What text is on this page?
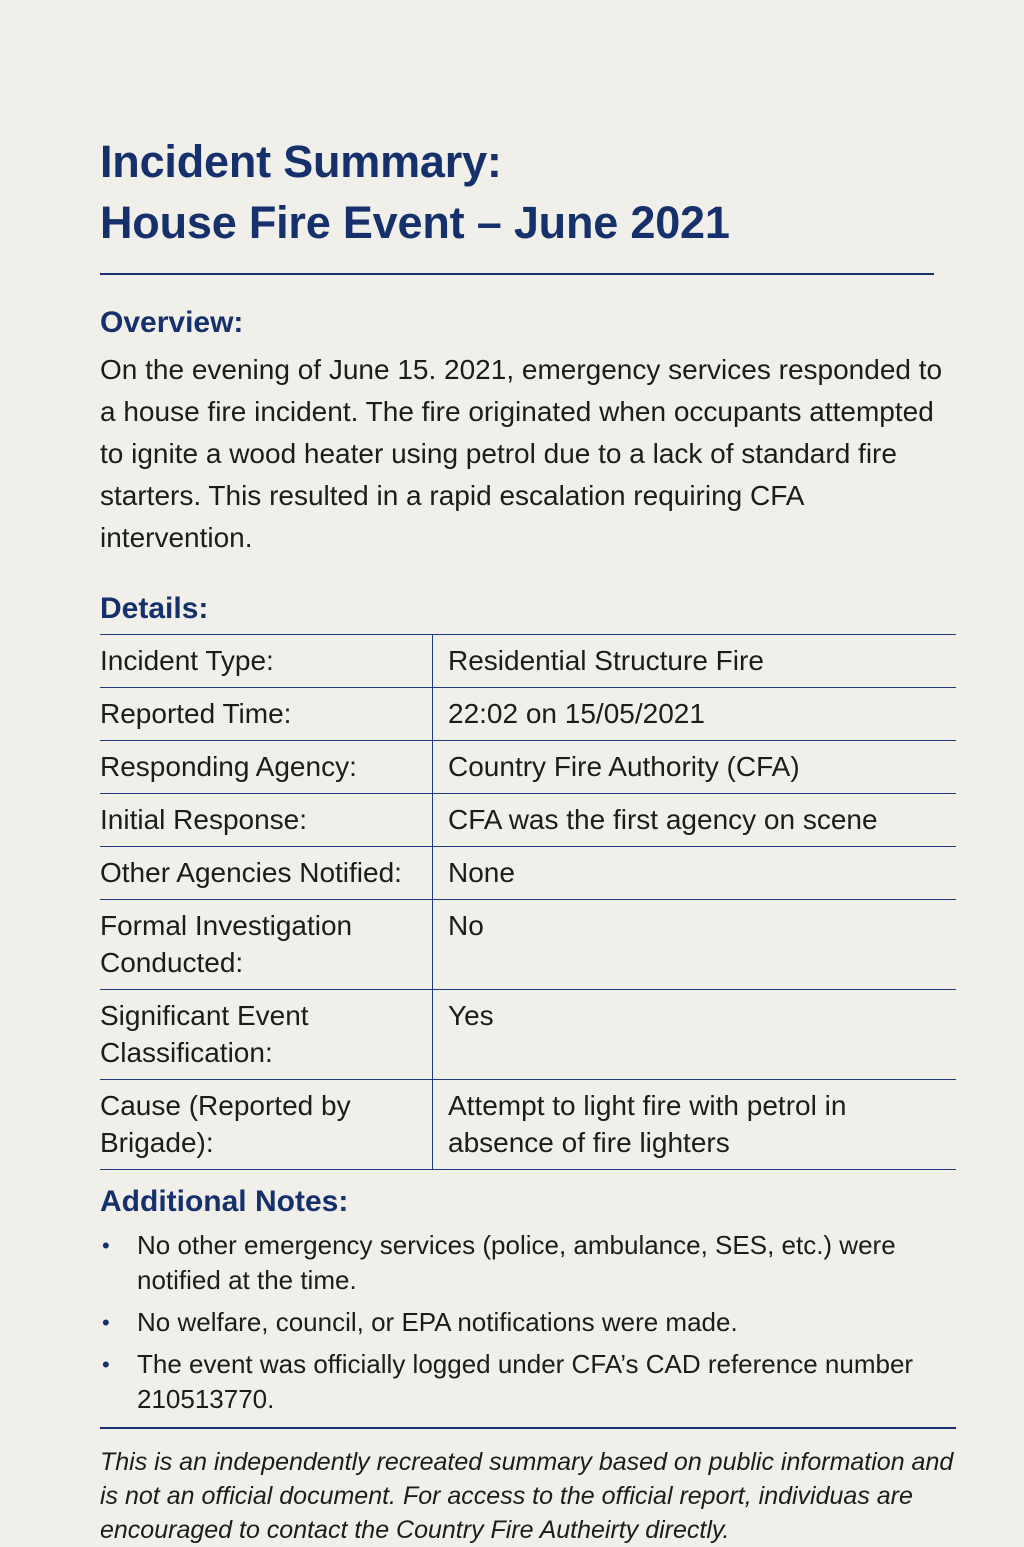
Incident Summary:
House Fire Event – June 2021
Overview:

On the evening of June 15. 2021, emergency services responded to a house fire incident. The fire originated when occupants attempted to ignite a wood heater using petrol due to a lack of standard fire starters. This resulted in a rapid escalation requiring CFA intervention.

Details:
Incident Type:	Residential Structure Fire
Reported Time:	22:02 on 15/05/2021
Responding Agency:	Country Fire Authority (CFA)
Initial Response:	CFA was the first agency on scene
Other Agencies Notified:	None
Formal Investigation Conducted:	No
Significant Event Classification:	Yes
Cause (Reported by Brigade):	Attempt to light fire with petrol in absence of fire lighters
Additional Notes:
• No other emergency services (police, ambulance, SES, etc.) were notified at the time.
• No welfare, council, or EPA notifications were made.
• The event was officially logged under CFA’s CAD reference number 210513770.

This is an independently recreated summary based on public information and is not an official document. For access to the official report, individuas are encouraged to contact the Country Fire Autheirty directly.
